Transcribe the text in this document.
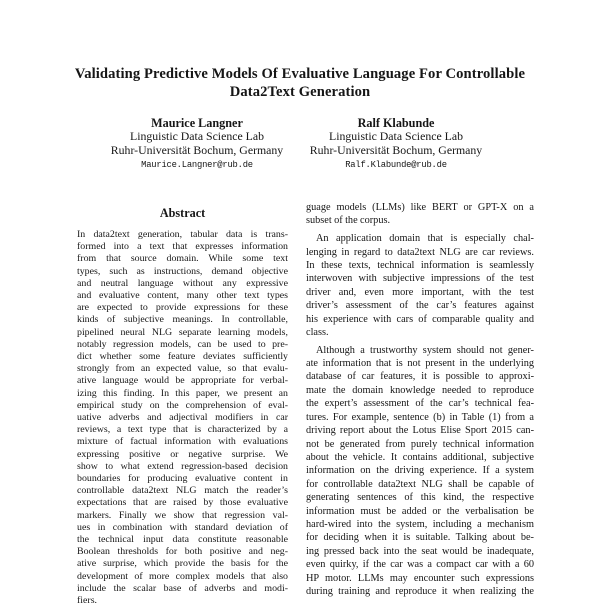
Validating Predictive Models Of Evaluative Language For Controllable
Data2Text Generation
Maurice Langner
Linguistic Data Science Lab
Ruhr-Universität Bochum, Germany
Maurice.Langner@rub.de
Ralf Klabunde
Linguistic Data Science Lab
Ruhr-Universität Bochum, Germany
Ralf.Klabunde@rub.de
Abstract
In data2text generation, tabular data is trans-
formed into a text that expresses information
from that source domain. While some text
types, such as instructions, demand objective
and neutral language without any expressive
and evaluative content, many other text types
are expected to provide expressions for these
kinds of subjective meanings. In controllable,
pipelined neural NLG separate learning models,
notably regression models, can be used to pre-
dict whether some feature deviates sufficiently
strongly from an expected value, so that evalu-
ative language would be appropriate for verbal-
izing this finding. In this paper, we present an
empirical study on the comprehension of eval-
uative adverbs and adjectival modifiers in car
reviews, a text type that is characterized by a
mixture of factual information with evaluations
expressing positive or negative surprise. We
show to what extend regression-based decision
boundaries for producing evaluative content in
controllable data2text NLG match the reader’s
expectations that are raised by those evaluative
markers. Finally we show that regression val-
ues in combination with standard deviation of
the technical input data constitute reasonable
Boolean thresholds for both positive and neg-
ative surprise, which provide the basis for the
development of more complex models that also
include the scalar base of adverbs and modi-
fiers.
guage models (LLMs) like BERT or GPT-X on a
subset of the corpus.
An application domain that is especially chal-
lenging in regard to data2text NLG are car reviews.
In these texts, technical information is seamlessly
interwoven with subjective impressions of the test
driver and, even more important, with the test
driver’s assessment of the car’s features against
his experience with cars of comparable quality and
class.
Although a trustworthy system should not gener-
ate information that is not present in the underlying
database of car features, it is possible to approxi-
mate the domain knowledge needed to reproduce
the expert’s assessment of the car’s technical fea-
tures. For example, sentence (b) in Table (1) from a
driving report about the Lotus Elise Sport 2015 can-
not be generated from purely technical information
about the vehicle. It contains additional, subjective
information on the driving experience. If a system
for controllable data2text NLG shall be capable of
generating sentences of this kind, the respective
information must be added or the verbalisation be
hard-wired into the system, including a mechanism
for deciding when it is suitable. Talking about be-
ing pressed back into the seat would be inadequate,
even quirky, if the car was a compact car with a 60
HP motor. LLMs may encounter such expressions
during training and reproduce it when realizing the
